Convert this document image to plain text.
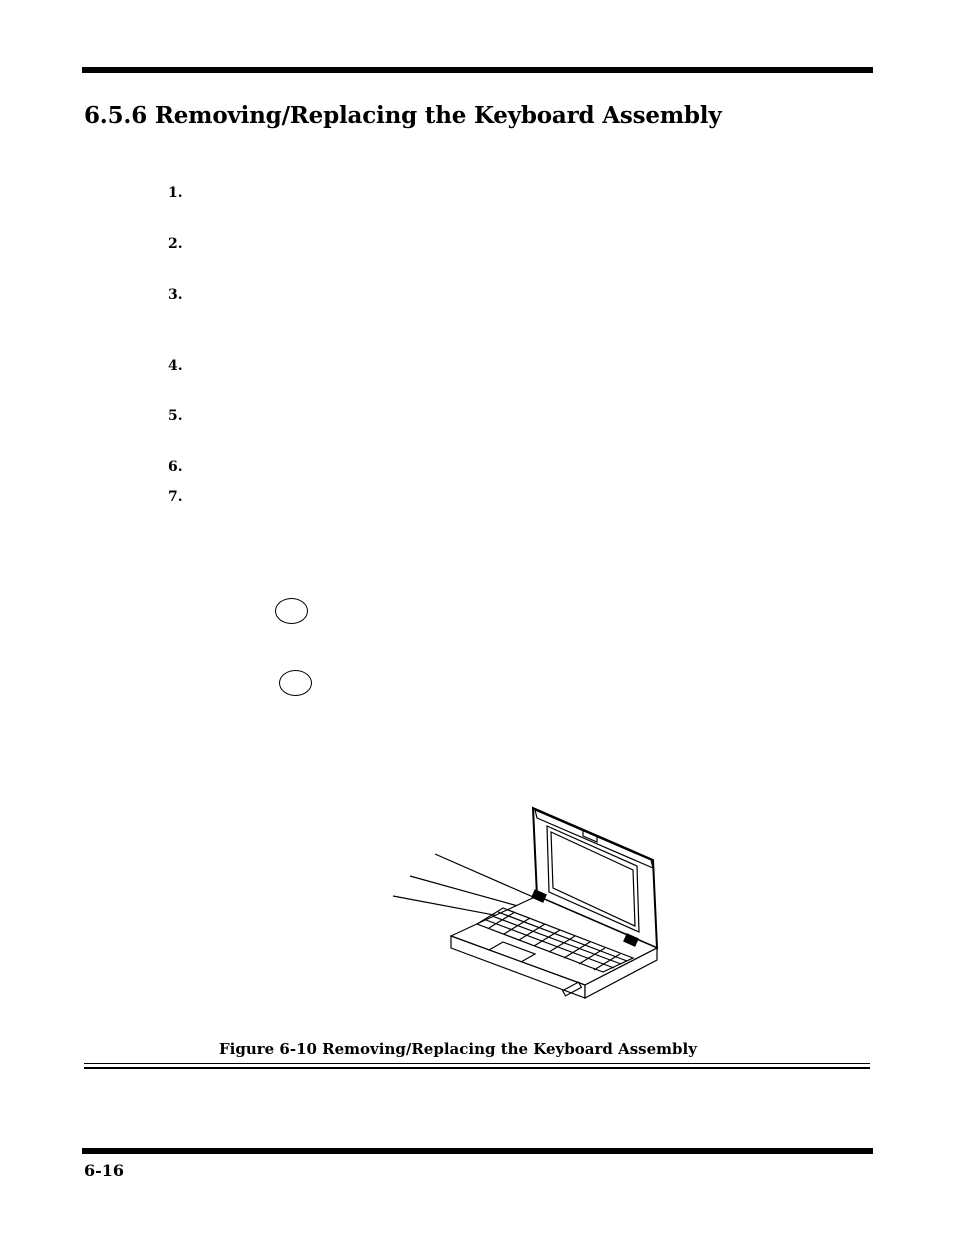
6.5.6 Removing/Replacing the Keyboard Assembly
1.
2.
3.
4.
5.
6.
7.
Figure 6-10 Removing/Replacing the Keyboard Assembly
6-16
